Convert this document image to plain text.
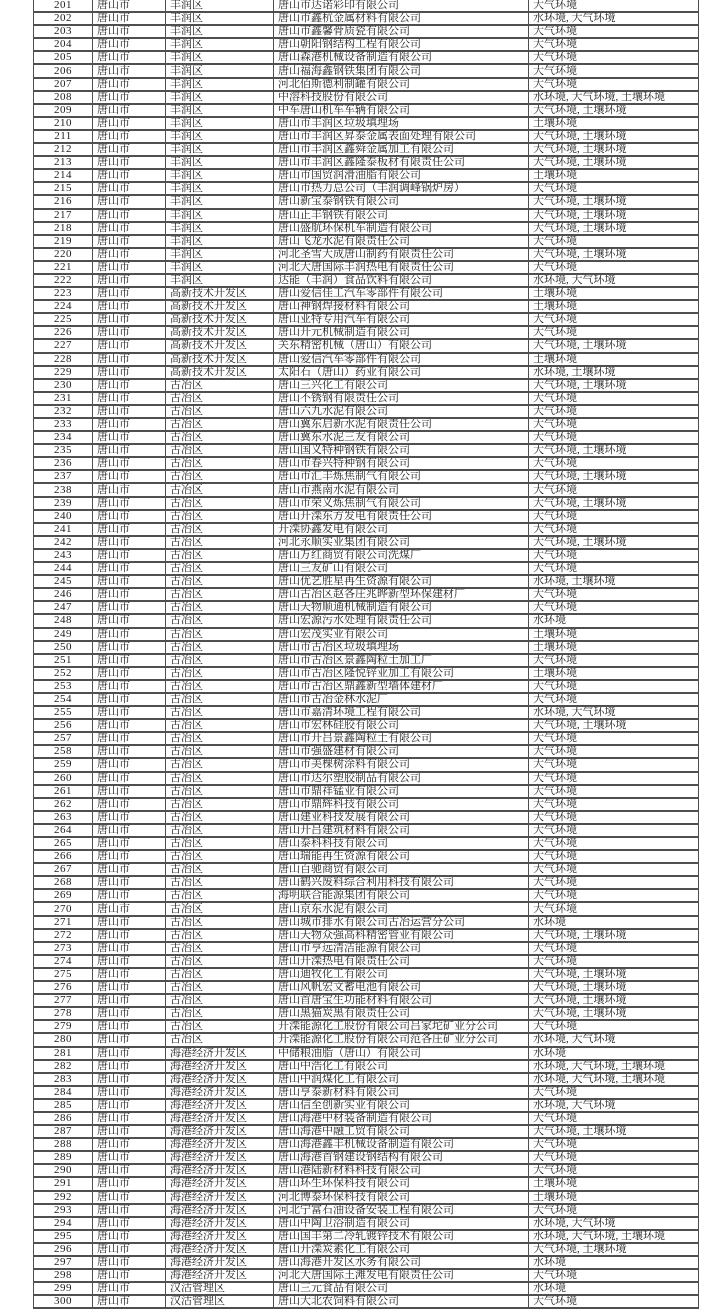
201	唐山市	丰润区	唐山市达诺彩印有限公司	大气环境
202	唐山市	丰润区	唐山市鑫杭金属材料有限公司	水环境, 大气环境
203	唐山市	丰润区	唐山市鑫馨骨质瓷有限公司	大气环境
204	唐山市	丰润区	唐山朝阳钢结构工程有限公司	大气环境
205	唐山市	丰润区	唐山森港机械设备制造有限公司	大气环境
206	唐山市	丰润区	唐山福海鑫钢铁集团有限公司	大气环境
207	唐山市	丰润区	河北佰斯德利制罐有限公司	大气环境
208	唐山市	丰润区	中溶科技股份有限公司	水环境, 大气环境, 土壤环境
209	唐山市	丰润区	中车唐山机车车辆有限公司	大气环境, 土壤环境
210	唐山市	丰润区	唐山市丰润区垃圾填埋场	土壤环境
211	唐山市	丰润区	唐山市丰润区昇泰金属表面处理有限公司	大气环境, 土壤环境
212	唐山市	丰润区	唐山市丰润区鑫舜金属加工有限公司	大气环境, 土壤环境
213	唐山市	丰润区	唐山市丰润区鑫隆泰板材有限责任公司	大气环境, 土壤环境
214	唐山市	丰润区	唐山市国贸润滑油脂有限公司	土壤环境
215	唐山市	丰润区	唐山市热力总公司（丰润调峰锅炉房）	大气环境
216	唐山市	丰润区	唐山新宝泰钢铁有限公司	大气环境, 土壤环境
217	唐山市	丰润区	唐山正丰钢铁有限公司	大气环境, 土壤环境
218	唐山市	丰润区	唐山盛航环保机车制造有限公司	大气环境, 土壤环境
219	唐山市	丰润区	唐山飞龙水泥有限责任公司	大气环境
220	唐山市	丰润区	河北圣雪大成唐山制药有限责任公司	大气环境, 土壤环境
221	唐山市	丰润区	河北大唐国际丰润热电有限责任公司	大气环境
222	唐山市	丰润区	达能（丰润）食品饮料有限公司	水环境, 大气环境
223	唐山市	高新技术开发区	唐山爱信佳工汽车零部件有限公司	土壤环境
224	唐山市	高新技术开发区	唐山神钢焊接材料有限公司	土壤环境
225	唐山市	高新技术开发区	唐山亚特专用汽车有限公司	大气环境
226	唐山市	高新技术开发区	唐山开元机械制造有限公司	大气环境
227	唐山市	高新技术开发区	关东精密机械（唐山）有限公司	大气环境, 土壤环境
228	唐山市	高新技术开发区	唐山爱信汽车零部件有限公司	土壤环境
229	唐山市	高新技术开发区	太阳石（唐山）药业有限公司	水环境, 土壤环境
230	唐山市	古冶区	唐山三兴化工有限公司	大气环境, 土壤环境
231	唐山市	古冶区	唐山不锈钢有限责任公司	大气环境
232	唐山市	古冶区	唐山六九水泥有限公司	大气环境
233	唐山市	古冶区	唐山冀东启新水泥有限责任公司	大气环境
234	唐山市	古冶区	唐山冀东水泥三友有限公司	大气环境
235	唐山市	古冶区	唐山国义特种钢铁有限公司	大气环境, 土壤环境
236	唐山市	古冶区	唐山市春兴特种钢有限公司	大气环境
237	唐山市	古冶区	唐山市汇丰炼焦制气有限公司	大气环境, 土壤环境
238	唐山市	古冶区	唐山市燕南水泥有限公司	大气环境
239	唐山市	古冶区	唐山市荣义炼焦制气有限公司	大气环境, 土壤环境
240	唐山市	古冶区	唐山开滦东方发电有限责任公司	大气环境
241	唐山市	古冶区	开滦协鑫发电有限公司	大气环境
242	唐山市	古冶区	河北永顺实业集团有限公司	大气环境, 土壤环境
243	唐山市	古冶区	唐山万红商贸有限公司洗煤厂	大气环境
244	唐山市	古冶区	唐山三友矿山有限公司	大气环境
245	唐山市	古冶区	唐山优艺胜星再生资源有限公司	水环境, 土壤环境
246	唐山市	古冶区	唐山古冶区赵各庄兆晔新型环保建材厂	大气环境
247	唐山市	古冶区	唐山天物顺通机械制造有限公司	大气环境
248	唐山市	古冶区	唐山宏源污水处理有限责任公司	水环境
249	唐山市	古冶区	唐山宏茂实业有限公司	土壤环境
250	唐山市	古冶区	唐山市古冶区垃圾填埋场	土壤环境
251	唐山市	古冶区	唐山市古冶区景鑫陶粒土加工厂	大气环境
252	唐山市	古冶区	唐山市古冶区隆悦锌业加工有限公司	土壤环境
253	唐山市	古冶区	唐山市古冶区鼎鑫新型墙体建材厂	大气环境
254	唐山市	古冶区	唐山市古冶金林水泥厂	大气环境
255	唐山市	古冶区	唐山市嘉清环境工程有限公司	水环境, 大气环境
256	唐山市	古冶区	唐山市宏林硅胶有限公司	大气环境, 土壤环境
257	唐山市	古冶区	唐山市开吕景鑫陶粒土有限公司	大气环境
258	唐山市	古冶区	唐山市强盛建材有限公司	大气环境
259	唐山市	古冶区	唐山市美棵树涂料有限公司	大气环境
260	唐山市	古冶区	唐山市达尔塑胶制品有限公司	大气环境
261	唐山市	古冶区	唐山市鼎祥锰业有限公司	大气环境
262	唐山市	古冶区	唐山市鼎辉科技有限公司	大气环境
263	唐山市	古冶区	唐山建业科技发展有限公司	大气环境
264	唐山市	古冶区	唐山开吕建筑材料有限公司	大气环境
265	唐山市	古冶区	唐山泰科科技有限公司	大气环境
266	唐山市	古冶区	唐山瑞能再生资源有限公司	大气环境
267	唐山市	古冶区	唐山百驰商贸有限公司	大气环境
268	唐山市	古冶区	唐山鹤兴废料综合利用科技有限公司	大气环境
269	唐山市	古冶区	海明联合能源集团有限公司	大气环境
270	唐山市	古冶区	唐山京东水泥有限公司	大气环境
271	唐山市	古冶区	唐山城市排水有限公司古冶运营分公司	水环境
272	唐山市	古冶区	唐山天物众强高科精密管业有限公司	大气环境, 土壤环境
273	唐山市	古冶区	唐山市亨远清洁能源有限公司	大气环境
274	唐山市	古冶区	唐山开滦热电有限责任公司	大气环境
275	唐山市	古冶区	唐山迪牧化工有限公司	大气环境, 土壤环境
276	唐山市	古冶区	唐山风帆宏文蓄电池有限公司	大气环境, 土壤环境
277	唐山市	古冶区	唐山首唐宝生功能材料有限公司	大气环境, 土壤环境
278	唐山市	古冶区	唐山黑猫炭黑有限责任公司	大气环境, 土壤环境
279	唐山市	古冶区	开滦能源化工股份有限公司吕家坨矿业分公司	大气环境
280	唐山市	古冶区	开滦能源化工股份有限公司范各庄矿业分公司	水环境, 大气环境
281	唐山市	海港经济开发区	中储粮油脂（唐山）有限公司	水环境
282	唐山市	海港经济开发区	唐山中浩化工有限公司	水环境, 大气环境, 土壤环境
283	唐山市	海港经济开发区	唐山中润煤化工有限公司	水环境, 大气环境, 土壤环境
284	唐山市	海港经济开发区	唐山亨泰新材料有限公司	大气环境
285	唐山市	海港经济开发区	唐山信至创新实业有限公司	水环境, 大气环境
286	唐山市	海港经济开发区	唐山海港中材装备制造有限公司	大气环境
287	唐山市	海港经济开发区	唐山海港中融工贸有限公司	大气环境, 土壤环境
288	唐山市	海港经济开发区	唐山海港鑫丰机械设备制造有限公司	大气环境
289	唐山市	海港经济开发区	唐山海港首钢建设钢结构有限公司	大气环境
290	唐山市	海港经济开发区	唐山港陆新材料科技有限公司	大气环境
291	唐山市	海港经济开发区	唐山环生环保科技有限公司	土壤环境
292	唐山市	海港经济开发区	河北博泰环保科技有限公司	土壤环境
293	唐山市	海港经济开发区	河北宁富石油设备安装工程有限公司	大气环境
294	唐山市	海港经济开发区	唐山中陶卫浴制造有限公司	水环境, 大气环境
295	唐山市	海港经济开发区	唐山国丰第二冷轧镀锌技术有限公司	水环境, 大气环境, 土壤环境
296	唐山市	海港经济开发区	唐山开滦炭素化工有限公司	大气环境, 土壤环境
297	唐山市	海港经济开发区	唐山海港开发区水务有限公司	水环境
298	唐山市	海港经济开发区	河北大唐国际王滩发电有限责任公司	大气环境
299	唐山市	汉沽管理区	唐山三元食品有限公司	水环境
300	唐山市	汉沽管理区	唐山大北农饲料有限公司	大气环境
